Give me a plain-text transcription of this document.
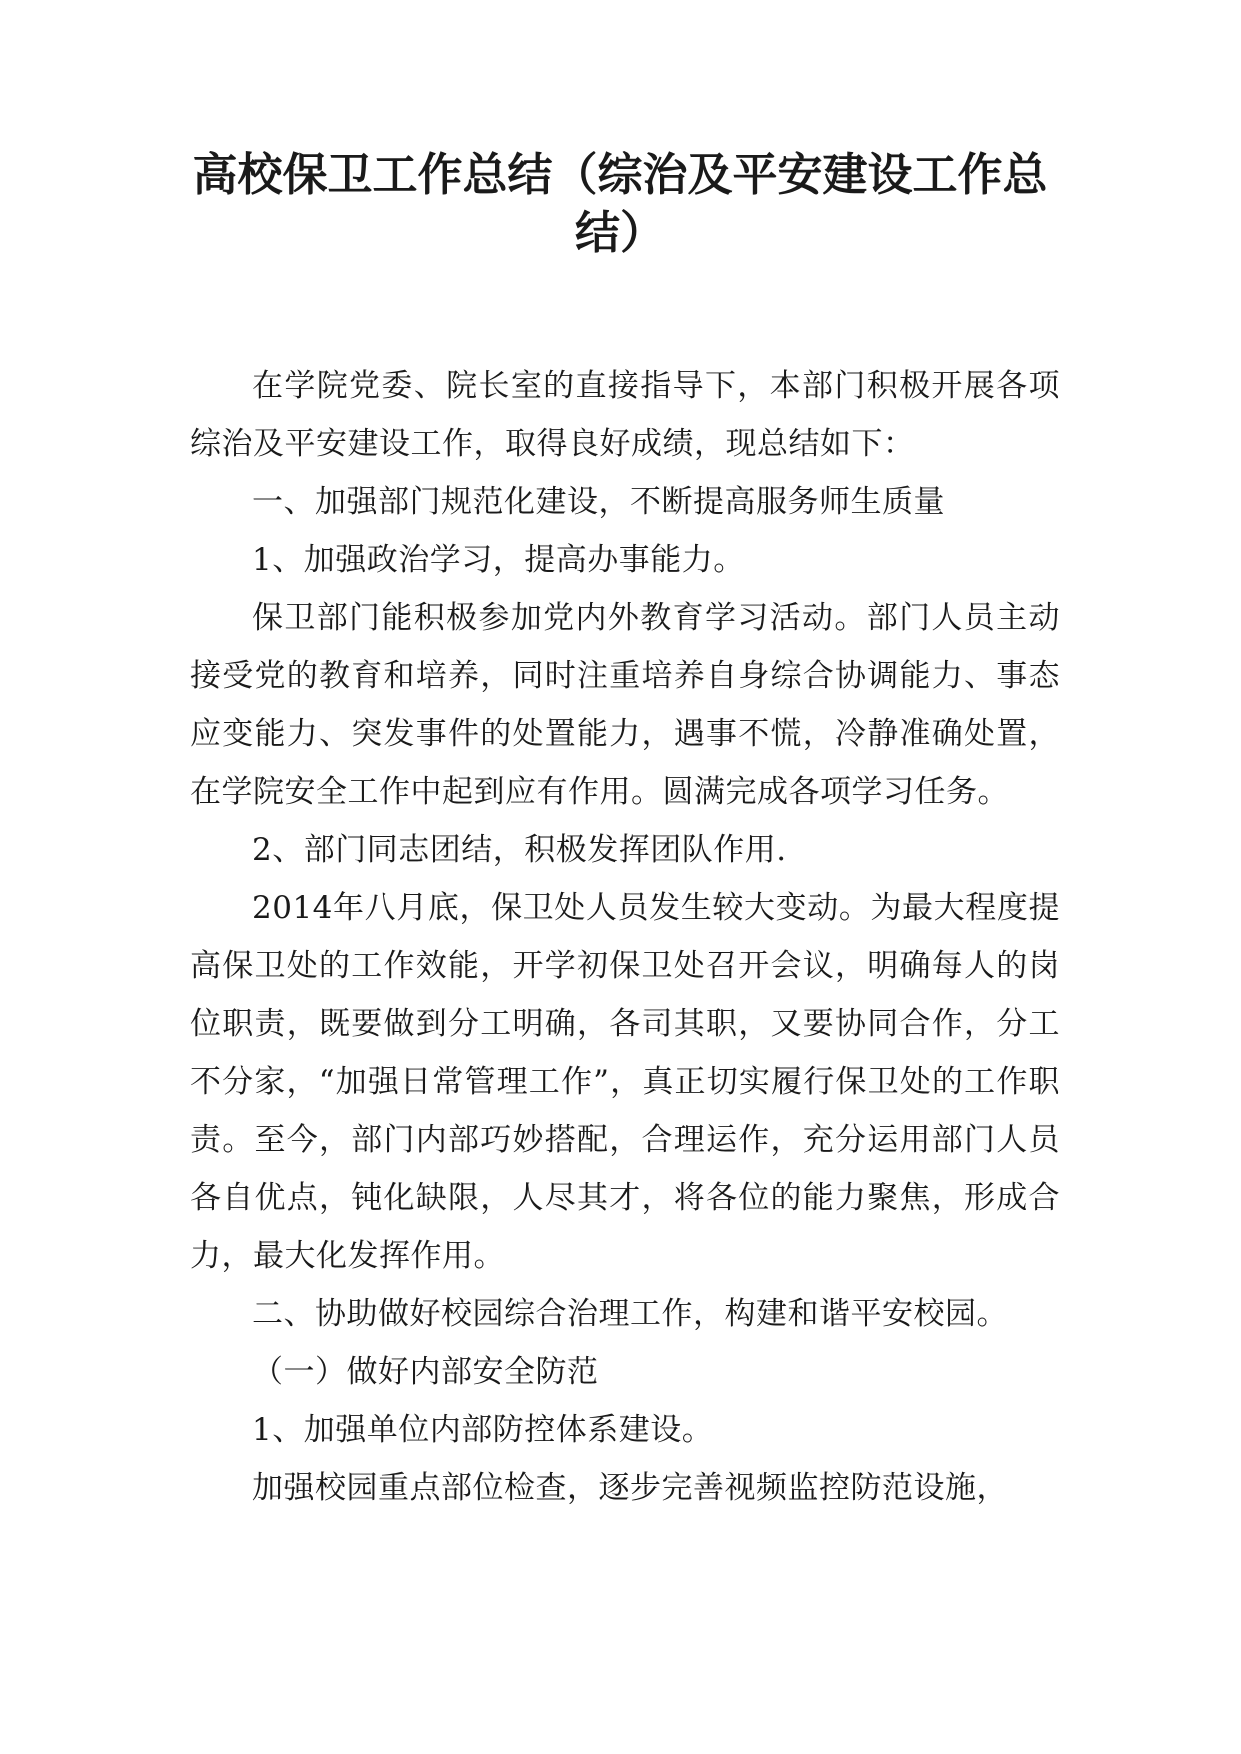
高校保卫工作总结（综治及平安建设工作总结）

在学院党委、院长室的直接指导下，本部门积极开展各项综治及平安建设工作，取得良好成绩，现总结如下：

一、加强部门规范化建设，不断提高服务师生质量

1、加强政治学习，提高办事能力。

保卫部门能积极参加党内外教育学习活动。部门人员主动接受党的教育和培养，同时注重培养自身综合协调能力、事态应变能力、突发事件的处置能力，遇事不慌，冷静准确处置，在学院安全工作中起到应有作用。圆满完成各项学习任务。

2、部门同志团结，积极发挥团队作用.

2014年八月底，保卫处人员发生较大变动。为最大程度提高保卫处的工作效能，开学初保卫处召开会议，明确每人的岗位职责，既要做到分工明确，各司其职，又要协同合作，分工不分家，“加强日常管理工作”，真正切实履行保卫处的工作职责。至今，部门内部巧妙搭配，合理运作，充分运用部门人员各自优点，钝化缺限，人尽其才，将各位的能力聚焦，形成合力，最大化发挥作用。

二、协助做好校园综合治理工作，构建和谐平安校园。

（一）做好内部安全防范

1、加强单位内部防控体系建设。

加强校园重点部位检查，逐步完善视频监控防范设施，
